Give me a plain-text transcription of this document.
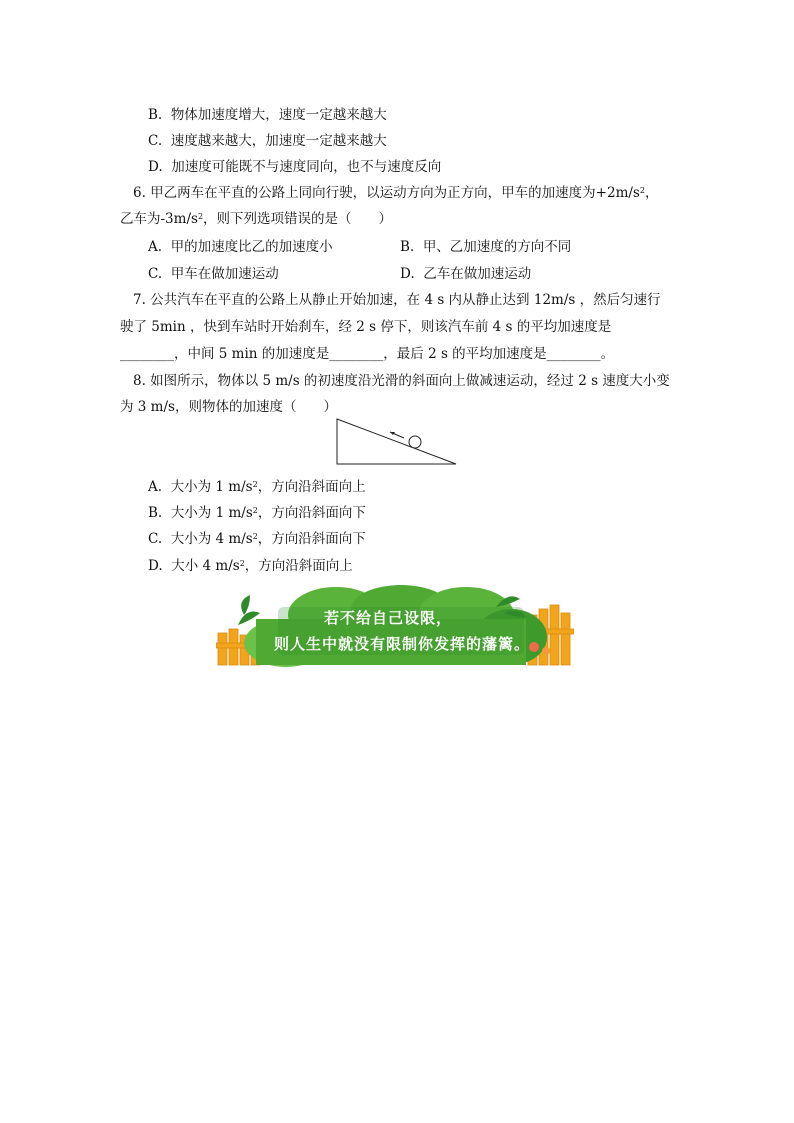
B. 物体加速度增大，速度一定越来越大
C. 速度越来越大，加速度一定越来越大
D. 加速度可能既不与速度同向，也不与速度反向
6. 甲乙两车在平直的公路上同向行驶，以运动方向为正方向，甲车的加速度为$+2m/s^2$，
乙车为$-3m/s^2$，则下列选项错误的是（　　）
A. 甲的加速度比乙的加速度小	B. 甲、乙加速度的方向不同
C. 甲车在做加速运动	D. 乙车在做加速运动
7. 公共汽车在平直的公路上从静止开始加速，在 4 s 内从静止达到 12m/s ，然后匀速行
驶了 5min ，快到车站时开始刹车，经 2 s 停下，则该汽车前 4 s 的平均加速度是
________，中间 5 min 的加速度是________，最后 2 s 的平均加速度是________。
8. 如图所示，物体以 5 m/s 的初速度沿光滑的斜面向上做减速运动，经过 2 s 速度大小变
为 3 m/s，则物体的加速度（　　）
A. 大小为 1 $m/s^2$，方向沿斜面向上
B. 大小为 1 $m/s^2$，方向沿斜面向下
C. 大小为 4 $m/s^2$，方向沿斜面向下
D. 大小 4 $m/s^2$，方向沿斜面向上
若不给自己设限，
则人生中就没有限制你发挥的藩篱。
